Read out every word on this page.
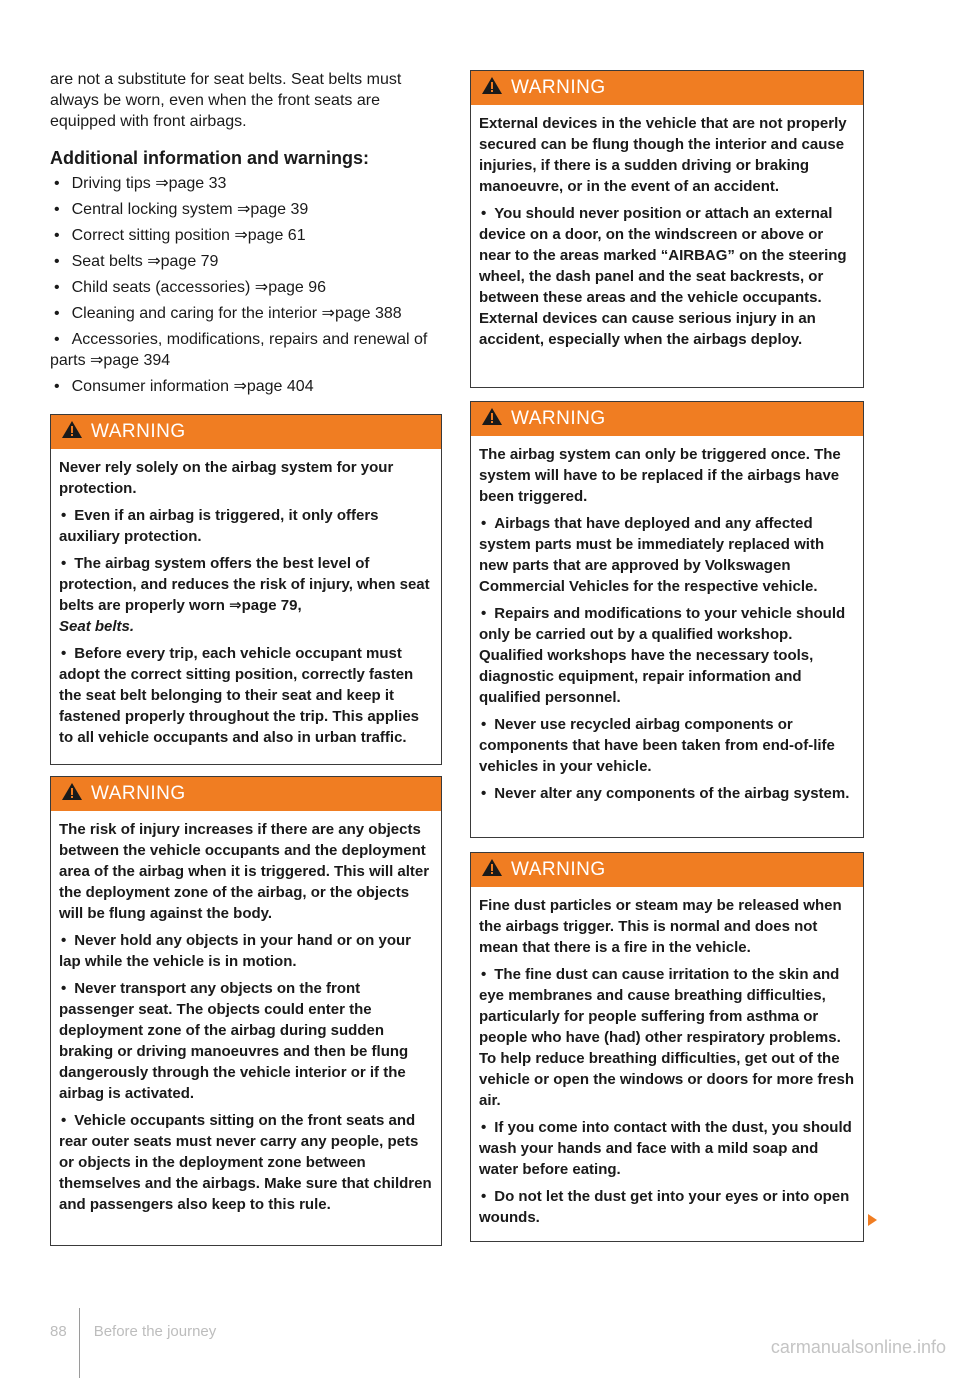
are not a substitute for seat belts. Seat belts must always be worn, even when the front seats are equipped with front airbags.

Additional information and warnings:
• Driving tips ⇒page 33
• Central locking system ⇒page 39
• Correct sitting position ⇒page 61
• Seat belts ⇒page 79
• Child seats (accessories) ⇒page 96
• Cleaning and caring for the interior ⇒page 388
• Accessories, modifications, repairs and renewal of parts ⇒page 394
• Consumer information ⇒page 404
WARNING

Never rely solely on the airbag system for your protection.

• Even if an airbag is triggered, it only offers auxiliary protection.

• The airbag system offers the best level of protection, and reduces the risk of injury, when seat belts are properly worn ⇒page 79,

Seat belts.

• Before every trip, each vehicle occupant must adopt the correct sitting position, correctly fasten the seat belt belonging to their seat and keep it fastened properly throughout the trip. This applies to all vehicle occupants and also in urban traffic.

WARNING

The risk of injury increases if there are any objects between the vehicle occupants and the deployment area of the airbag when it is triggered. This will alter the deployment zone of the airbag, or the objects will be flung against the body.

• Never hold any objects in your hand or on your lap while the vehicle is in motion.

• Never transport any objects on the front passenger seat. The objects could enter the deployment zone of the airbag during sudden braking or driving manoeuvres and then be flung dangerously through the vehicle interior or if the airbag is activated.

• Vehicle occupants sitting on the front seats and rear outer seats must never carry any people, pets or objects in the deployment zone between themselves and the airbags. Make sure that children and passengers also keep to this rule.

WARNING

External devices in the vehicle that are not properly secured can be flung though the interior and cause injuries, if there is a sudden driving or braking manoeuvre, or in the event of an accident.

• You should never position or attach an external device on a door, on the windscreen or above or near to the areas marked “AIRBAG” on the steering wheel, the dash panel and the seat backrests, or between these areas and the vehicle occupants. External devices can cause serious injury in an accident, especially when the airbags deploy.

WARNING

The airbag system can only be triggered once. The system will have to be replaced if the airbags have been triggered.

• Airbags that have deployed and any affected system parts must be immediately replaced with new parts that are approved by Volkswagen Commercial Vehicles for the respective vehicle.

• Repairs and modifications to your vehicle should only be carried out by a qualified workshop. Qualified workshops have the necessary tools, diagnostic equipment, repair information and qualified personnel.

• Never use recycled airbag components or components that have been taken from end-of-life vehicles in your vehicle.

• Never alter any components of the airbag system.

WARNING

Fine dust particles or steam may be released when the airbags trigger. This is normal and does not mean that there is a fire in the vehicle.

• The fine dust can cause irritation to the skin and eye membranes and cause breathing difficulties, particularly for people suffering from asthma or people who have (had) other respiratory problems. To help reduce breathing difficulties, get out of the vehicle or open the windows or doors for more fresh air.

• If you come into contact with the dust, you should wash your hands and face with a mild soap and water before eating.

• Do not let the dust get into your eyes or into open wounds.

88 Before the journey
carmanualsonline.info
